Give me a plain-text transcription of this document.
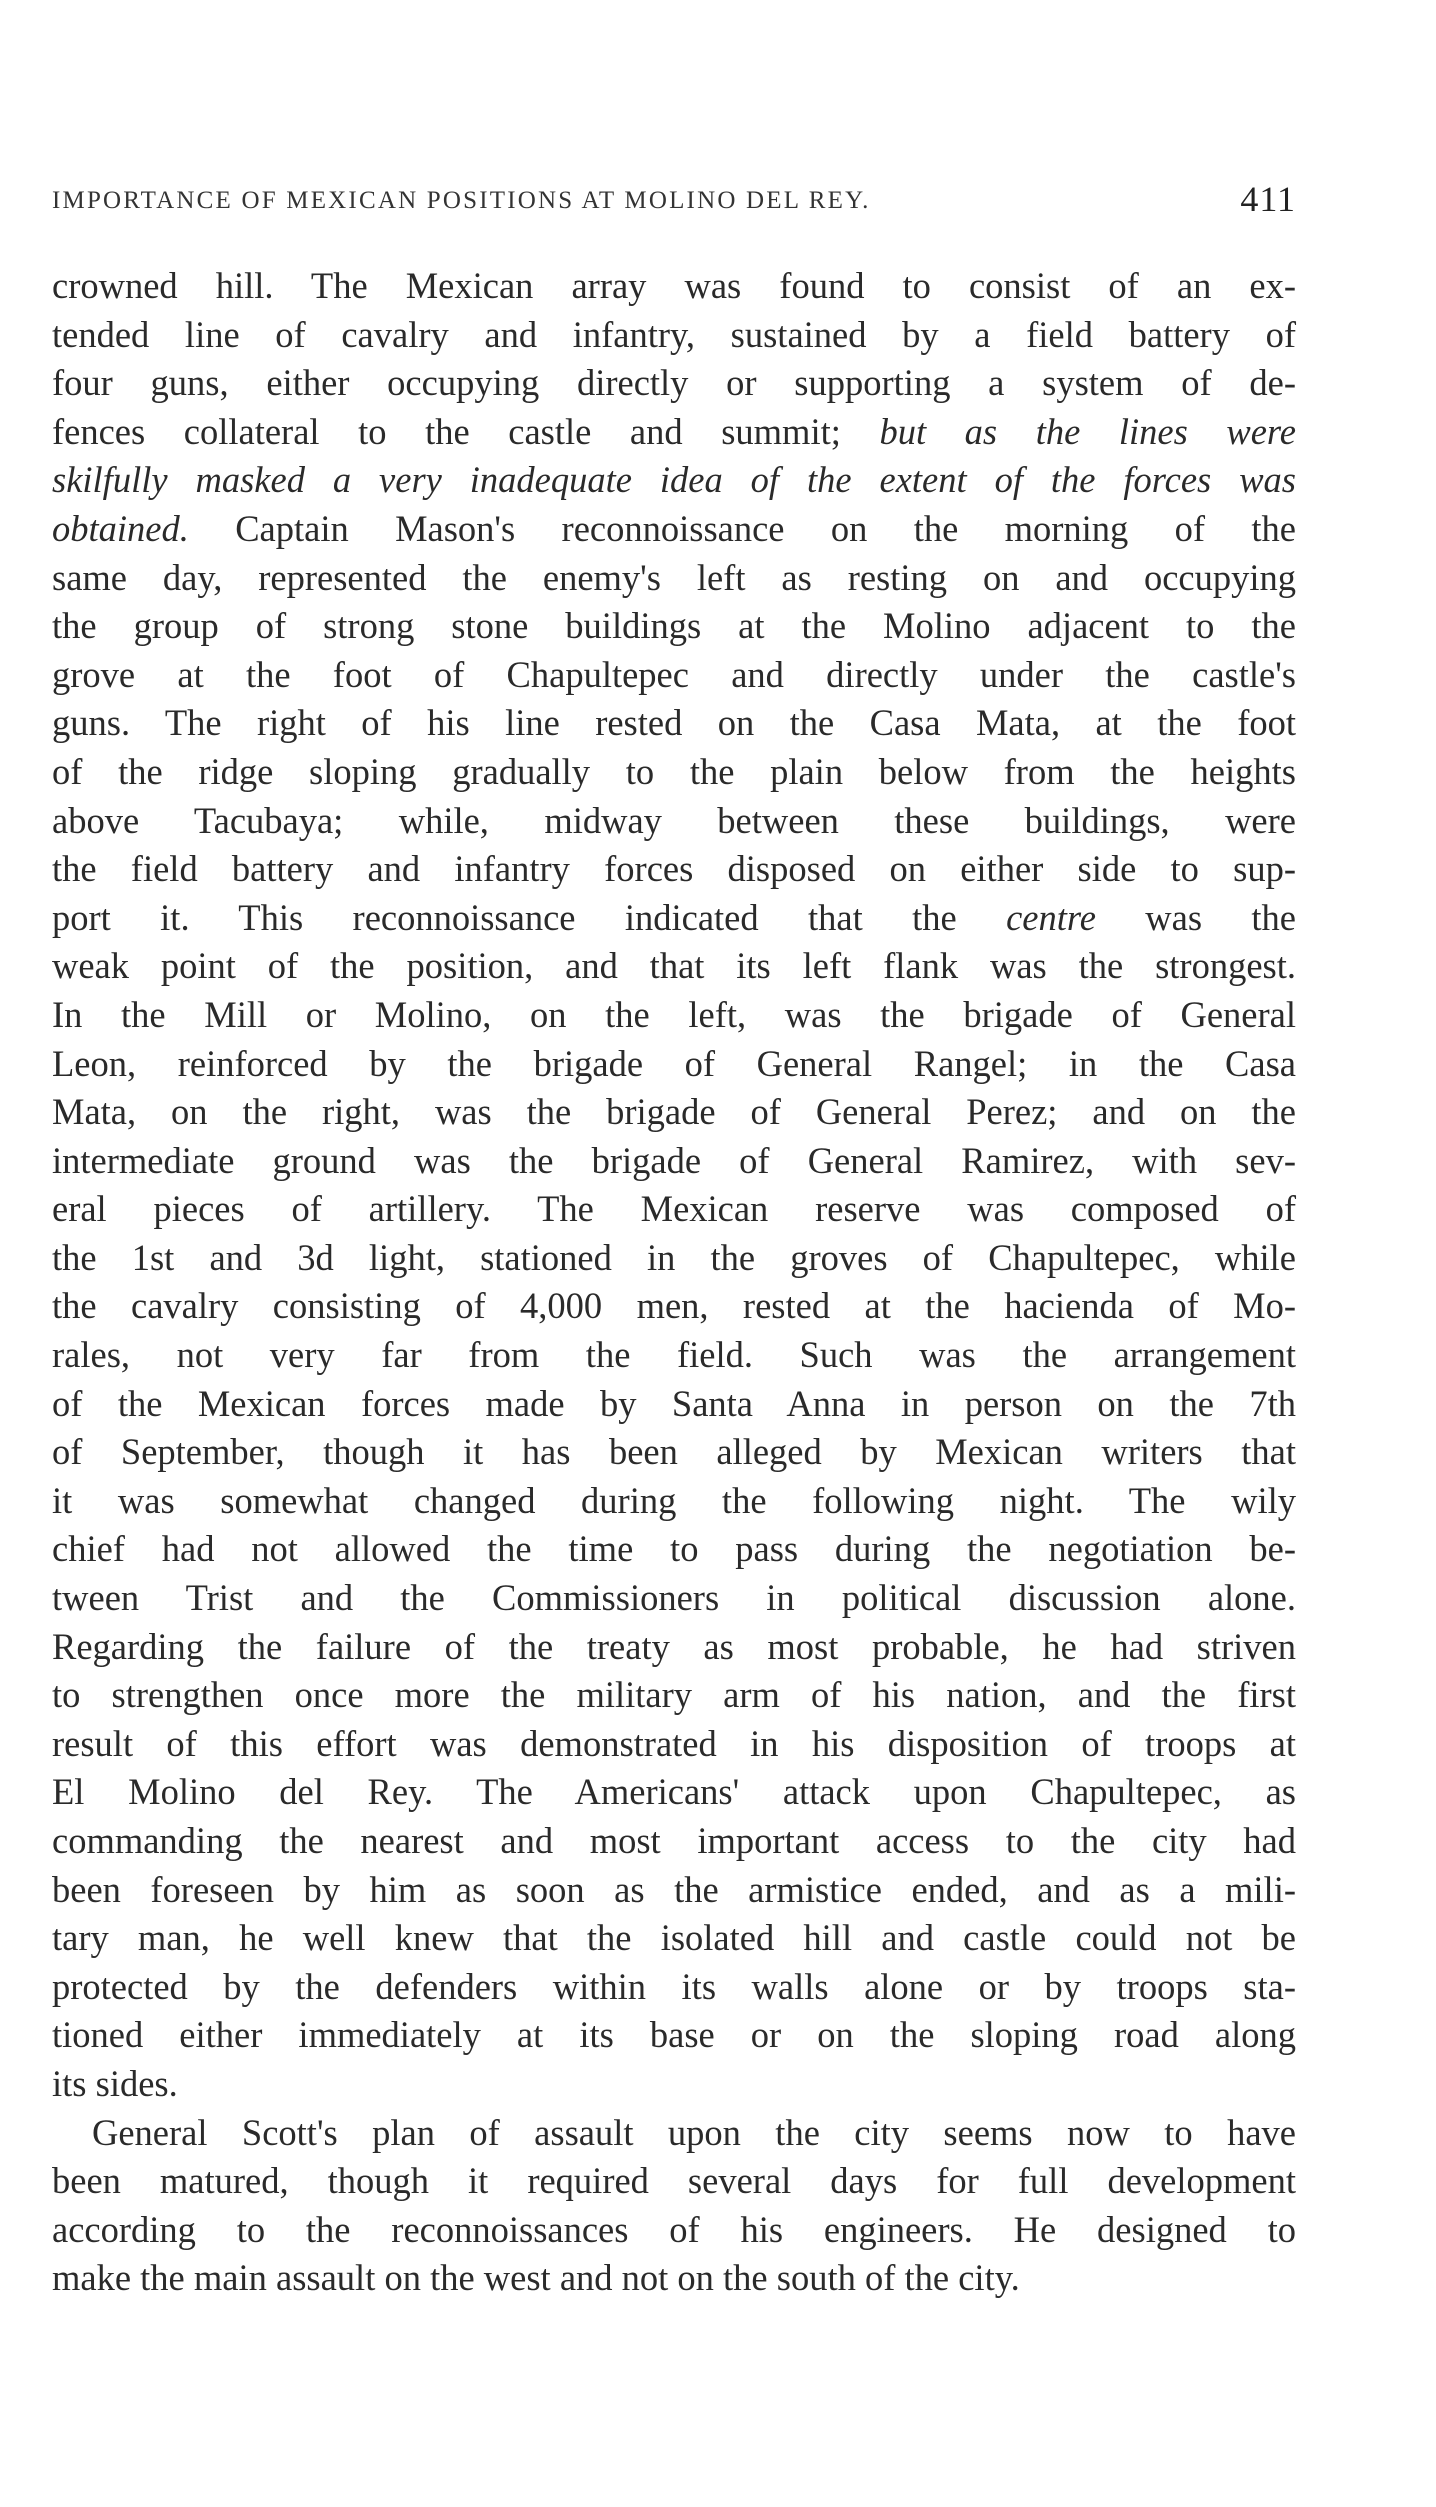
IMPORTANCE OF MEXICAN POSITIONS AT MOLINO DEL REY.	411
crowned hill. The Mexican array was found to consist of an ex-
tended line of cavalry and infantry, sustained by a field battery of
four guns, either occupying directly or supporting a system of de-
fences collateral to the castle and summit; but as the lines were
skilfully masked a very inadequate idea of the extent of the forces was
obtained. Captain Mason's reconnoissance on the morning of the
same day, represented the enemy's left as resting on and occupying
the group of strong stone buildings at the Molino adjacent to the
grove at the foot of Chapultepec and directly under the castle's
guns. The right of his line rested on the Casa Mata, at the foot
of the ridge sloping gradually to the plain below from the heights
above Tacubaya; while, midway between these buildings, were
the field battery and infantry forces disposed on either side to sup-
port it. This reconnoissance indicated that the centre was the
weak point of the position, and that its left flank was the strongest.
In the Mill or Molino, on the left, was the brigade of General
Leon, reinforced by the brigade of General Rangel; in the Casa
Mata, on the right, was the brigade of General Perez; and on the
intermediate ground was the brigade of General Ramirez, with sev-
eral pieces of artillery. The Mexican reserve was composed of
the 1st and 3d light, stationed in the groves of Chapultepec, while
the cavalry consisting of 4,000 men, rested at the hacienda of Mo-
rales, not very far from the field. Such was the arrangement
of the Mexican forces made by Santa Anna in person on the 7th
of September, though it has been alleged by Mexican writers that
it was somewhat changed during the following night. The wily
chief had not allowed the time to pass during the negotiation be-
tween Trist and the Commissioners in political discussion alone.
Regarding the failure of the treaty as most probable, he had striven
to strengthen once more the military arm of his nation, and the first
result of this effort was demonstrated in his disposition of troops at
El Molino del Rey. The Americans' attack upon Chapultepec, as
commanding the nearest and most important access to the city had
been foreseen by him as soon as the armistice ended, and as a mili-
tary man, he well knew that the isolated hill and castle could not be
protected by the defenders within its walls alone or by troops sta-
tioned either immediately at its base or on the sloping road along
its sides.
General Scott's plan of assault upon the city seems now to have
been matured, though it required several days for full development
according to the reconnoissances of his engineers. He designed to
make the main assault on the west and not on the south of the city.
